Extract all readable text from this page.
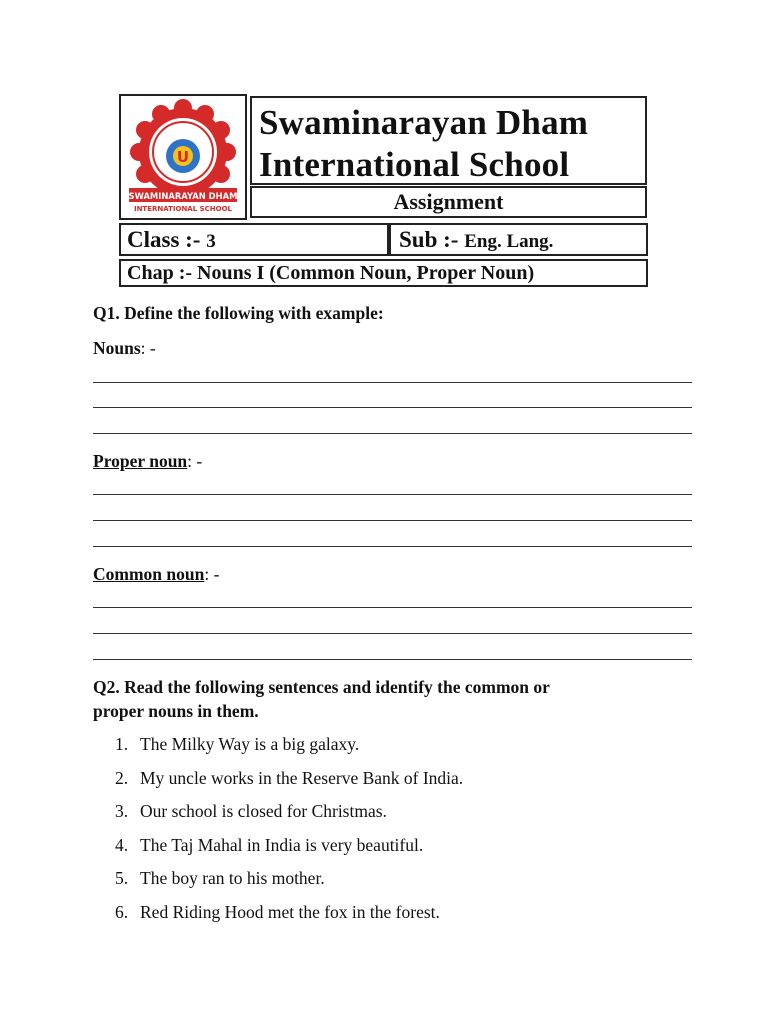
U
SWAMINARAYAN DHAM
INTERNATIONAL SCHOOL
Swaminarayan Dham
International School
Assignment
Class :- 3	Sub :- Eng. Lang.
Chap :- Nouns I (Common Noun, Proper Noun)
Q1. Define the following with example:
Nouns: -
Proper noun: -
Common noun: -
Q2. Read the following sentences and identify the common or
proper nouns in them.
1. The Milky Way is a big galaxy.
2. My uncle works in the Reserve Bank of India.
3. Our school is closed for Christmas.
4. The Taj Mahal in India is very beautiful.
5. The boy ran to his mother.
6. Red Riding Hood met the fox in the forest.
